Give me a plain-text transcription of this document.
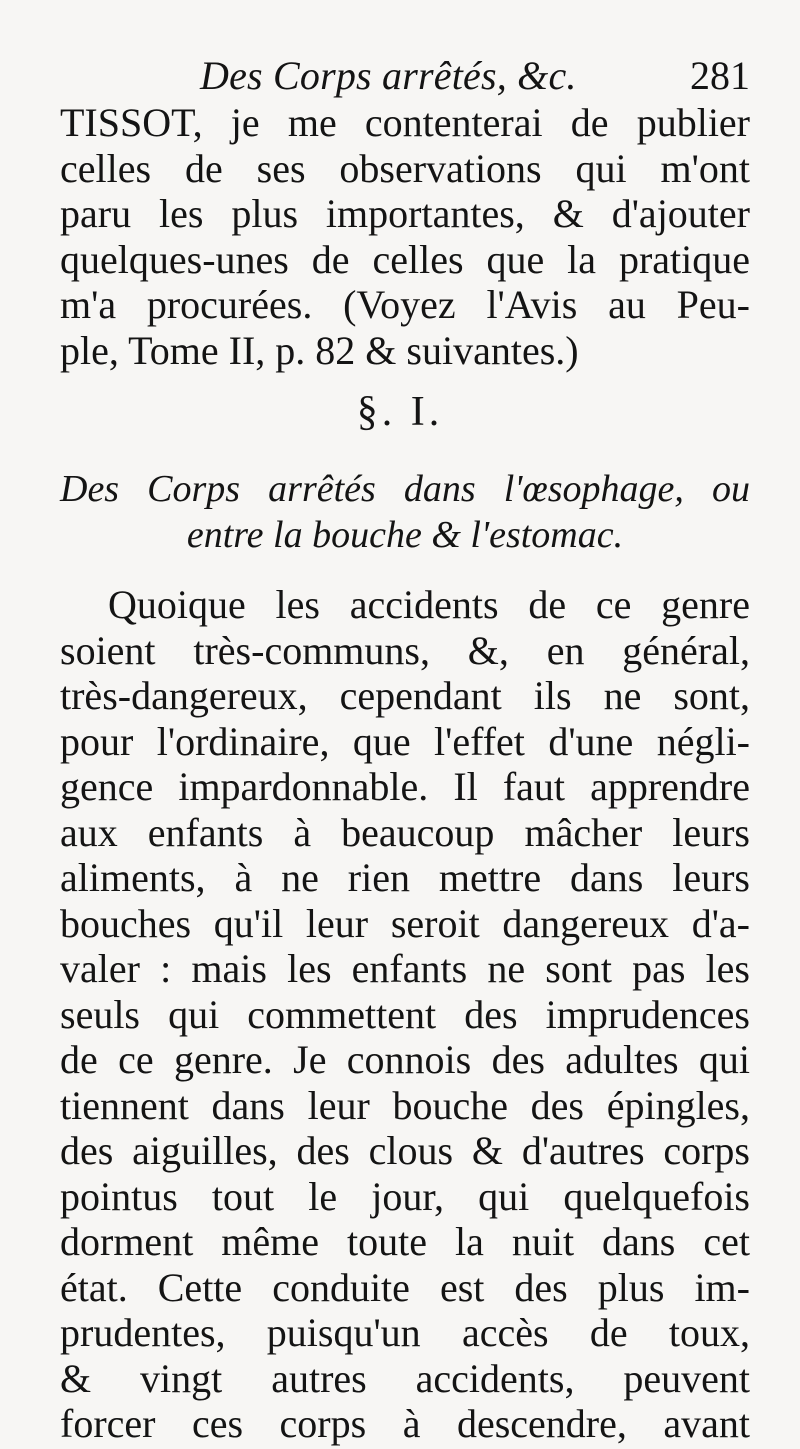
Des Corps arrêtés, &c.	281
TISSOT, je me contenterai de publier
celles de ses observations qui m'ont
paru les plus importantes, & d'ajouter
quelques-unes de celles que la pratique
m'a procurées. (Voyez l'Avis au Peu-
ple, Tome II, p. 82 & suivantes.)
§. I.
Des Corps arrêtés dans l'œsophage, ou
entre la bouche & l'estomac.
Quoique les accidents de ce genre
soient très-communs, &, en général,
très-dangereux, cependant ils ne sont,
pour l'ordinaire, que l'effet d'une négli-
gence impardonnable. Il faut apprendre
aux enfants à beaucoup mâcher leurs
aliments, à ne rien mettre dans leurs
bouches qu'il leur seroit dangereux d'a-
valer : mais les enfants ne sont pas les
seuls qui commettent des imprudences
de ce genre. Je connois des adultes qui
tiennent dans leur bouche des épingles,
des aiguilles, des clous & d'autres corps
pointus tout le jour, qui quelquefois
dorment même toute la nuit dans cet
état. Cette conduite est des plus im-
prudentes, puisqu'un accès de toux,
& vingt autres accidents, peuvent
forcer ces corps à descendre, avant
